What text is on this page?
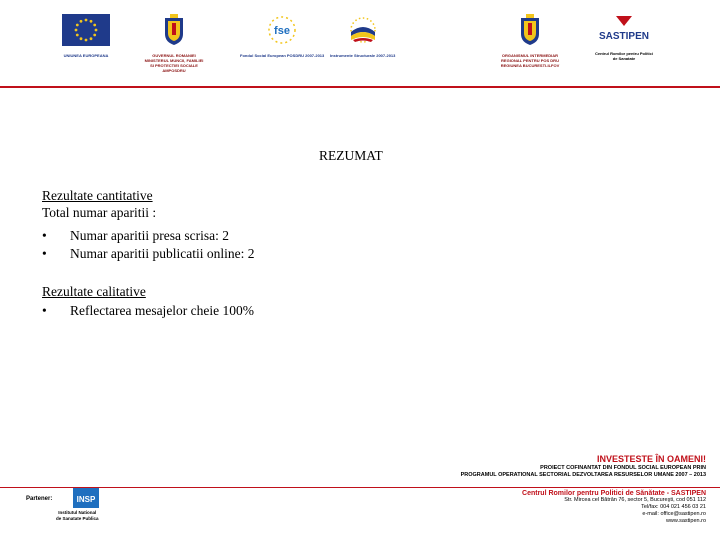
UNIUNEA EUROPEANA	GUVERNUL ROMANIEI MINISTERUL MUNCII, FAMILIEI SI PROTECTIEI SOCIALE AMPOSDRU
fse
Fondul Social European POSDRU 2007-2013 Instrumente Structurale 2007-2013	ORGANISMUL INTERMEDIAR REGIONAL PENTRU POS DRU REGIUNEA BUCURESTI-ILFOV
SASTIPEN
Centrul Romilor pentru Politici de Sanatate
REZUMAT
Rezultate cantitative
Total numar aparitii :
• Numar aparitii presa scrisa: 2
• Numar aparitii publicatii online: 2
Rezultate calitative
• Reflectarea mesajelor cheie 100%
INVESTESTE ÎN OAMENI!
PROIECT COFINANTAT DIN FONDUL SOCIAL EUROPEAN PRIN
PROGRAMUL OPERATIONAL SECTORIAL DEZVOLTAREA RESURSELOR UMANE 2007 – 2013
Centrul Romilor pentru Politici de Sănătate - SASTIPEN
Str. Mircea cel Bătrân 76, sector 5, Bucureşti, cod 051 112
Tel/fax: 004 021 456 03 21
e-mail: office@sastipen.ro
www.sastipen.ro
Partener:	INSP
Institutul National
de Sanatate Publica
